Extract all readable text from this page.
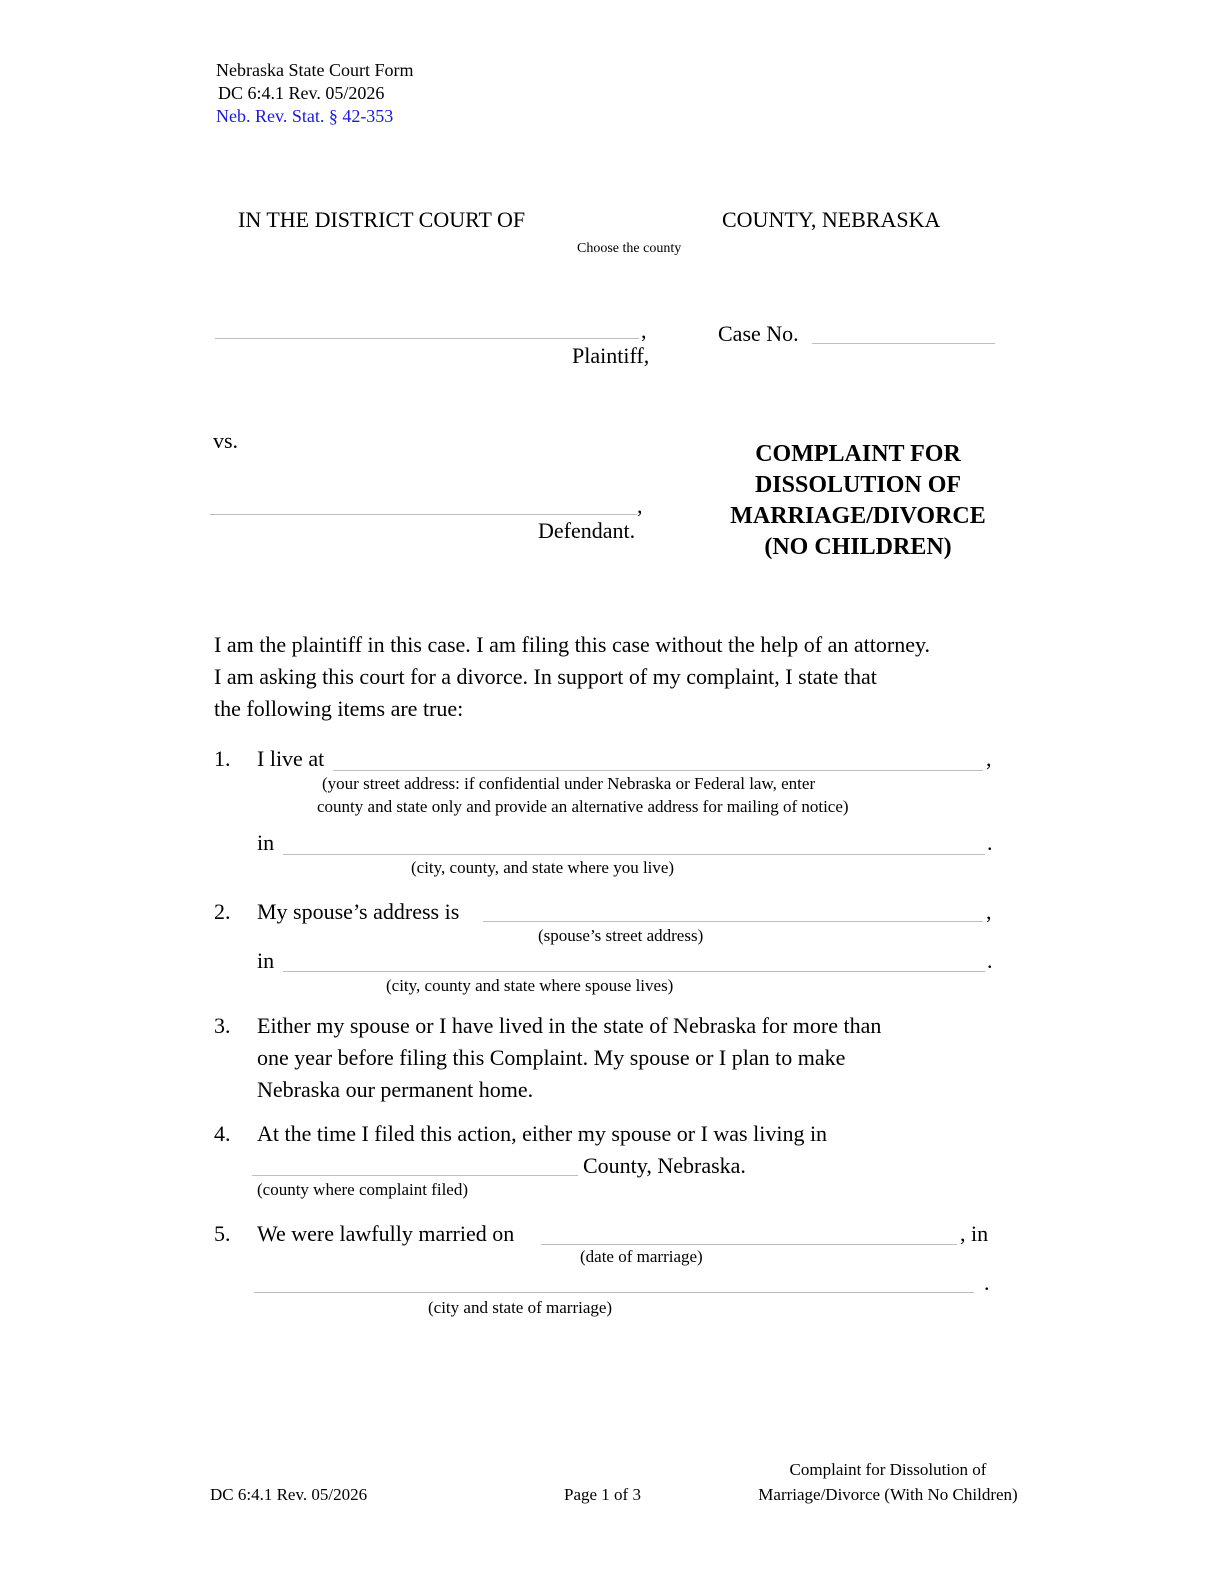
Nebraska State Court Form
DC 6:4.1 Rev. 05/2026
Neb. Rev. Stat. § 42-353
IN THE DISTRICT COURT OF	COUNTY, NEBRASKA
Choose the county
,
Plaintiff,
Case No.
vs.
,
Defendant.
COMPLAINT FOR
DISSOLUTION OF
MARRIAGE/DIVORCE
(NO CHILDREN)
I am the plaintiff in this case. I am filing this case without the help of an attorney.
I am asking this court for a divorce. In support of my complaint, I state that
the following items are true:
1. I live at	,
(your street address: if confidential under Nebraska or Federal law, enter
county and state only and provide an alternative address for mailing of notice)
in	.
(city, county, and state where you live)
2. My spouse’s address is	,
(spouse’s street address)
in	.
(city, county and state where spouse lives)
3. Either my spouse or I have lived in the state of Nebraska for more than
one year before filing this Complaint. My spouse or I plan to make
Nebraska our permanent home.
4. At the time I filed this action, either my spouse or I was living in
County, Nebraska.
(county where complaint filed)
5. We were lawfully married on	, in
(date of marriage)
.
(city and state of marriage)
DC 6:4.1 Rev. 05/2026	Page 1 of 3
Complaint for Dissolution of
Marriage/Divorce (With No Children)
